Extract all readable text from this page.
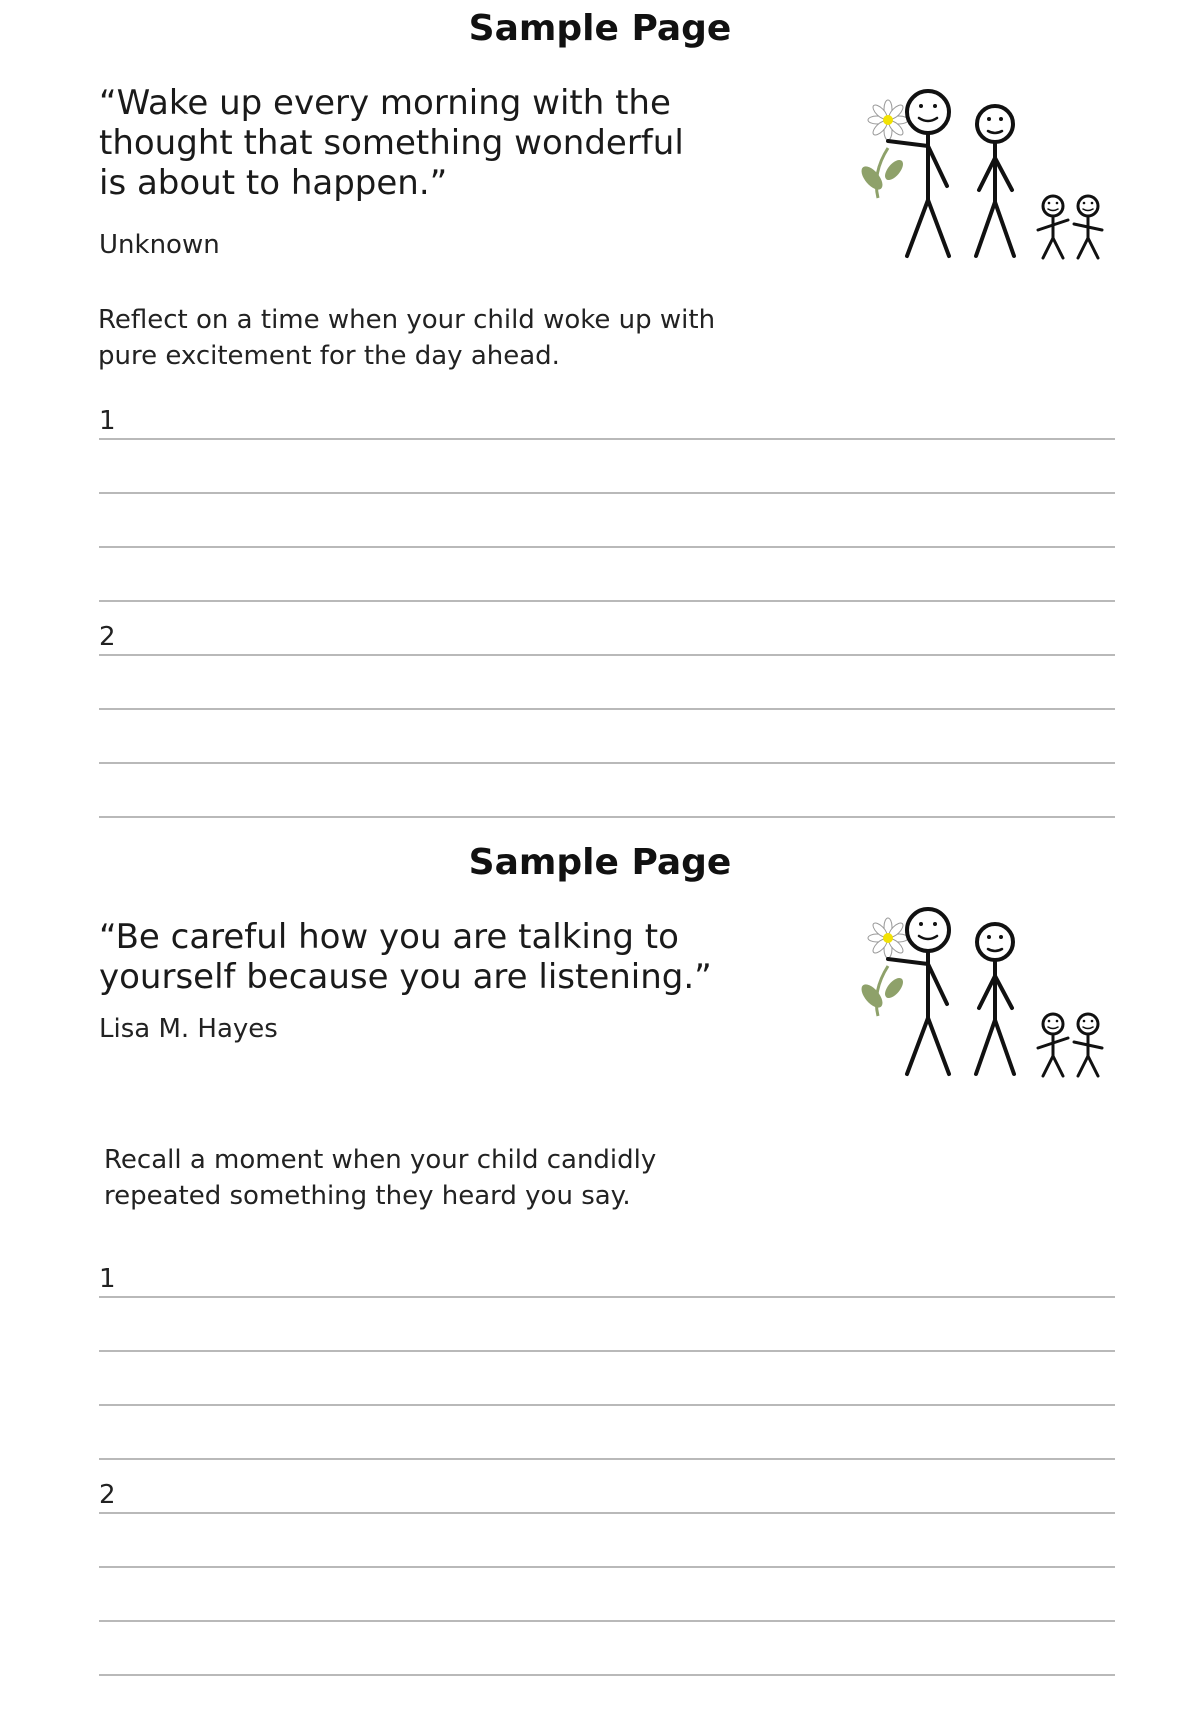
Sample Page
“Wake up every morning with the thought that something wonderful is about to happen.”
Unknown
Reflect on a time when your child woke up with pure excitement for the day ahead.
1
2
Sample Page
“Be careful how you are talking to yourself because you are listening.”
Lisa M. Hayes
Recall a moment when your child candidly repeated something they heard you say.
1
2
